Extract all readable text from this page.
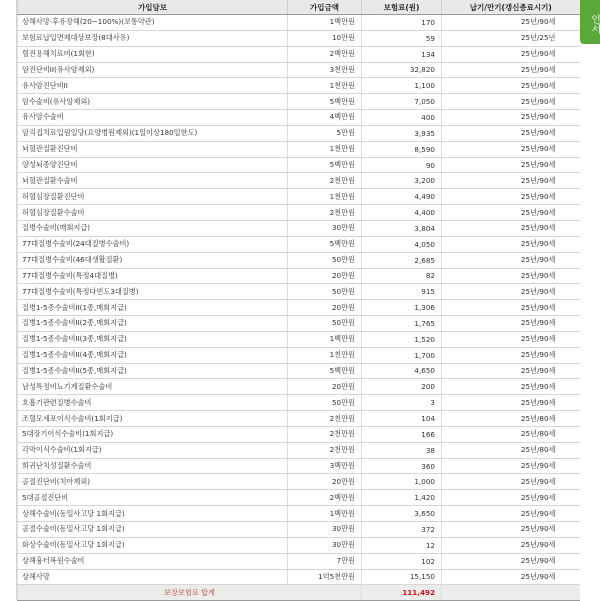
가입담보	가입금액	보험료(원)	납기/만기(갱신종료시기)
상해사망·후유장해(20~100%)(보통약관)	1백만원	170	25년/90세
보험료납입면제대상보장(8대사유)	10만원	59	25년/25년
혈전용해치료비(1회한)	2백만원	134	25년/90세
암진단비II(유사암제외)	3천만원	32,820	25년/90세
유사암진단비II	1천만원	1,100	25년/90세
암수술비(유사암제외)	5백만원	7,050	25년/90세
유사암수술비	4백만원	400	25년/90세
암직접치료입원일당(요양병원제외)(1일이상180일한도)	5만원	3,935	25년/90세
뇌혈관질환진단비	1천만원	8,590	25년/90세
양성뇌종양진단비	5백만원	90	25년/90세
뇌혈관질환수술비	2천만원	3,200	25년/90세
허혈심장질환진단비	1천만원	4,490	25년/90세
허혈심장질환수술비	2천만원	4,400	25년/90세
질병수술비(매회지급)	30만원	3,804	25년/90세
77대질병수술비(24대질병수술비)	5백만원	4,050	25년/90세
77대질병수술비(46대생활질환)	50만원	2,685	25년/90세
77대질병수술비(특정4대질병)	20만원	82	25년/90세
77대질병수술비(특정다빈도3대질병)	50만원	915	25년/90세
질병1-5종수술비II(1종,매회지급)	20만원	1,306	25년/90세
질병1-5종수술비II(2종,매회지급)	50만원	1,765	25년/90세
질병1-5종수술비II(3종,매회지급)	1백만원	1,520	25년/90세
질병1-5종수술비II(4종,매회지급)	1천만원	1,700	25년/90세
질병1-5종수술비II(5종,매회지급)	5백만원	4,650	25년/90세
남성특정비뇨기계질환수술비	20만원	200	25년/90세
호흡기관련질병수술비	50만원	3	25년/90세
조혈모세포이식수술비(1회지급)	2천만원	104	25년/80세
5대장기이식수술비(1회지급)	2천만원	166	25년/80세
각막이식수술비(1회지급)	2천만원	38	25년/80세
희귀난치성질환수술비	3백만원	360	25년/90세
골절진단비(치아제외)	20만원	1,000	25년/90세
5대골절진단비	2백만원	1,420	25년/90세
상해수술비(동일사고당 1회지급)	1백만원	3,650	25년/90세
골절수술비(동일사고당 1회지급)	30만원	372	25년/90세
화상수술비(동일사고당 1회지급)	30만원	12	25년/90세
상해흉터복원수술비	7만원	102	25년/90세
상해사망	1억5천만원	15,150	25년/90세
보장보험료 합계		111,492	
안서
